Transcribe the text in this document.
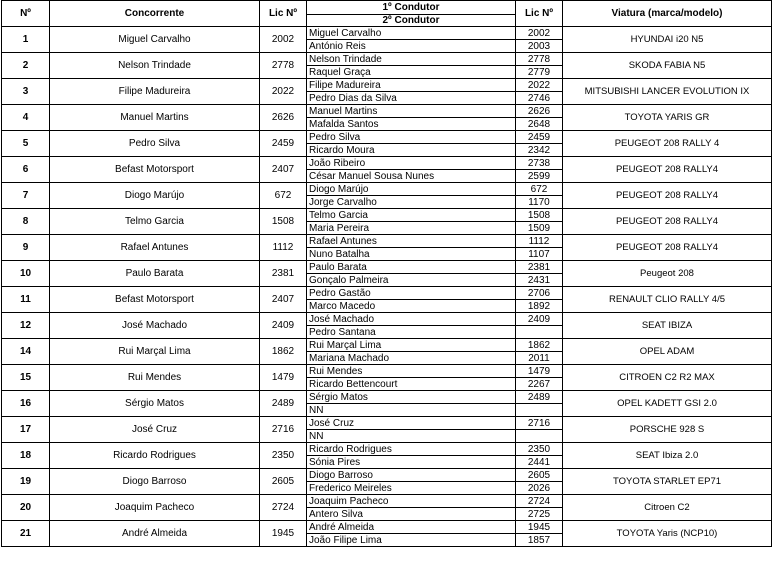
Nº	Concorrente	Lic Nº	1º Condutor	Lic Nº	Viatura (marca/modelo)
			2º Condutor		
1	Miguel Carvalho	2002	Miguel Carvalho	2002	HYUNDAI i20 N5
			António Reis	2003	
2	Nelson Trindade	2778	Nelson Trindade	2778	SKODA FABIA N5
			Raquel Graça	2779	
3	Filipe Madureira	2022	Filipe Madureira	2022	MITSUBISHI LANCER EVOLUTION IX
			Pedro Dias da Silva	2746	
4	Manuel Martins	2626	Manuel Martins	2626	TOYOTA YARIS GR
			Mafalda Santos	2648	
5	Pedro Silva	2459	Pedro Silva	2459	PEUGEOT 208 RALLY 4
			Ricardo Moura	2342	
6	Befast Motorsport	2407	João Ribeiro	2738	PEUGEOT 208 RALLY4
			César Manuel Sousa Nunes	2599	
7	Diogo Marújo	672	Diogo Marújo	672	PEUGEOT 208 RALLY4
			Jorge Carvalho	1170	
8	Telmo Garcia	1508	Telmo Garcia	1508	PEUGEOT 208 RALLY4
			Maria Pereira	1509	
9	Rafael Antunes	1112	Rafael Antunes	1112	PEUGEOT 208 RALLY4
			Nuno Batalha	1107	
10	Paulo Barata	2381	Paulo Barata	2381	Peugeot 208
			Gonçalo Palmeira	2431	
11	Befast Motorsport	2407	Pedro Gastão	2706	RENAULT CLIO RALLY 4/5
			Marco Macedo	1892	
12	José Machado	2409	José Machado	2409	SEAT IBIZA
			Pedro Santana		
14	Rui Marçal Lima	1862	Rui Marçal Lima	1862	OPEL ADAM
			Mariana Machado	2011	
15	Rui Mendes	1479	Rui Mendes	1479	CITROEN C2 R2 MAX
			Ricardo Bettencourt	2267	
16	Sérgio Matos	2489	Sérgio Matos	2489	OPEL KADETT GSI 2.0
			NN		
17	José Cruz	2716	José Cruz	2716	PORSCHE 928 S
			NN		
18	Ricardo Rodrigues	2350	Ricardo Rodrigues	2350	SEAT Ibiza 2.0
			Sónia Pires	2441	
19	Diogo Barroso	2605	Diogo Barroso	2605	TOYOTA STARLET EP71
			Frederico Meireles	2026	
20	Joaquim Pacheco	2724	Joaquim Pacheco	2724	Citroen C2
			Antero Silva	2725	
21	André Almeida	1945	André Almeida	1945	TOYOTA Yaris (NCP10)
			João Filipe Lima	1857	
